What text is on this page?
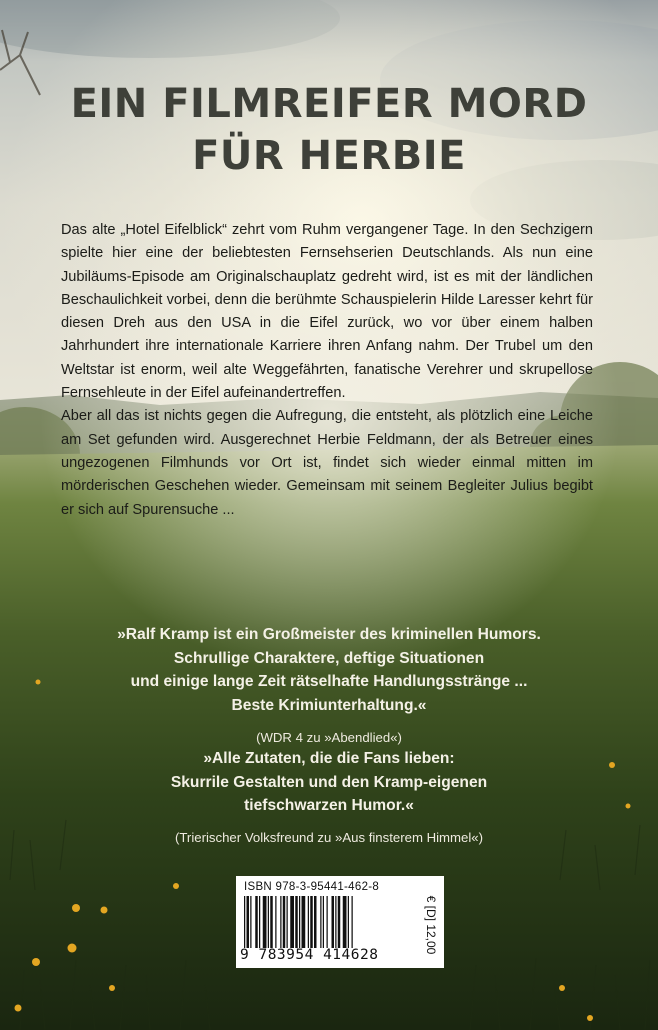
EIN FILMREIFER MORD
FÜR HERBIE

Das alte „Hotel Eifelblick“ zehrt vom Ruhm vergangener Tage. In den Sechzigern spielte hier eine der beliebtesten Fernsehserien Deutschlands. Als nun eine Jubiläums-Episode am Originalschauplatz gedreht wird, ist es mit der ländlichen Beschaulichkeit vorbei, denn die berühmte Schauspielerin Hilde Laresser kehrt für diesen Dreh aus den USA in die Eifel zurück, wo vor über einem halben Jahrhundert ihre internationale Karriere ihren Anfang nahm. Der Trubel um den Weltstar ist enorm, weil alte Weggefährten, fanatische Verehrer und skrupellose Fernsehleute in der Eifel aufeinandertreffen.

Aber all das ist nichts gegen die Aufregung, die entsteht, als plötzlich eine Leiche am Set gefunden wird. Ausgerechnet Herbie Feldmann, der als Betreuer eines ungezogenen Filmhunds vor Ort ist, findet sich wieder einmal mitten im mörderischen Geschehen wieder. Gemeinsam mit seinem Begleiter Julius begibt er sich auf Spurensuche ...

»Ralf Kramp ist ein Großmeister des kriminellen Humors.
Schrullige Charaktere, deftige Situationen
und einige lange Zeit rätselhafte Handlungsstränge ...
Beste Krimiunterhaltung.«
(WDR 4 zu »Abendlied«)
»Alle Zutaten, die die Fans lieben:
Skurrile Gestalten und den Kramp-eigenen
tiefschwarzen Humor.«
(Trierischer Volksfreund zu »Aus finsterem Himmel«)
ISBN 978-3-95441-462-8
9 783954 414628
€ [D] 12,00
